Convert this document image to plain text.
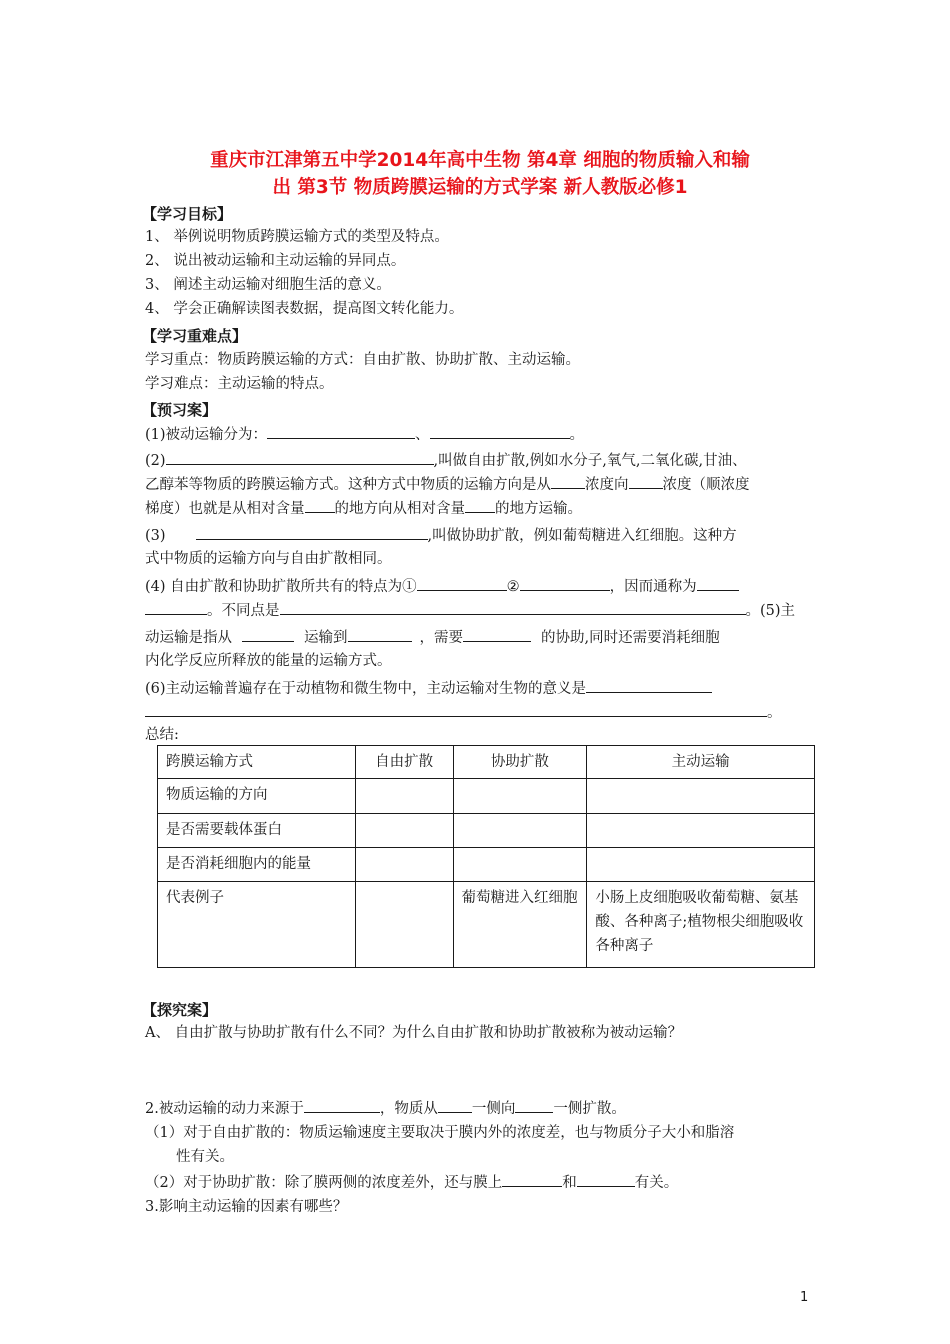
重庆市江津第五中学2014年高中生物 第4章 细胞的物质输入和输
出 第3节 物质跨膜运输的方式学案 新人教版必修1
【学习目标】
1、 举例说明物质跨膜运输方式的类型及特点。
2、 说出被动运输和主动运输的异同点。
3、 阐述主动运输对细胞生活的意义。
4、 学会正确解读图表数据，提高图文转化能力。
【学习重难点】
学习重点：物质跨膜运输的方式：自由扩散、协助扩散、主动运输。
学习难点：主动运输的特点。
【预习案】
(1)被动运输分为：	、	。
(2)	,叫做自由扩散,例如水分子,氧气,二氧化碳,甘油、
乙醇苯等物质的跨膜运输方式。这种方式中物质的运输方向是从 浓度向 浓度（顺浓度
梯度）也就是从相对含量 的地方向从相对含量 的地方运输。
(3)	,叫做协助扩散，例如葡萄糖进入红细胞。这种方
式中物质的运输方向与自由扩散相同。
(4) 自由扩散和协助扩散所共有的特点为①	②	，因而通称为
。不同点是	。(5)主
动运输是指从	运输到	，需要	的协助,同时还需要消耗细胞
内化学反应所释放的能量的运输方式。
(6)主动运输普遍存在于动植物和微生物中，主动运输对生物的意义是
。
总结:
跨膜运输方式	自由扩散	协助扩散	主动运输
物质运输的方向			
是否需要载体蛋白			
是否消耗细胞内的能量			
代表例子		葡萄糖进入红细胞	小肠上皮细胞吸收葡萄糖、氨基酸、各种离子;植物根尖细胞吸收各种离子
【探究案】
A、 自由扩散与协助扩散有什么不同？为什么自由扩散和协助扩散被称为被动运输？
2.被动运输的动力来源于	，物质从 一侧向	一侧扩散。
（1）对于自由扩散的：物质运输速度主要取决于膜内外的浓度差，也与物质分子大小和脂溶
性有关。
（2）对于协助扩散：除了膜两侧的浓度差外，还与膜上	和	有关。
3.影响主动运输的因素有哪些？
1
